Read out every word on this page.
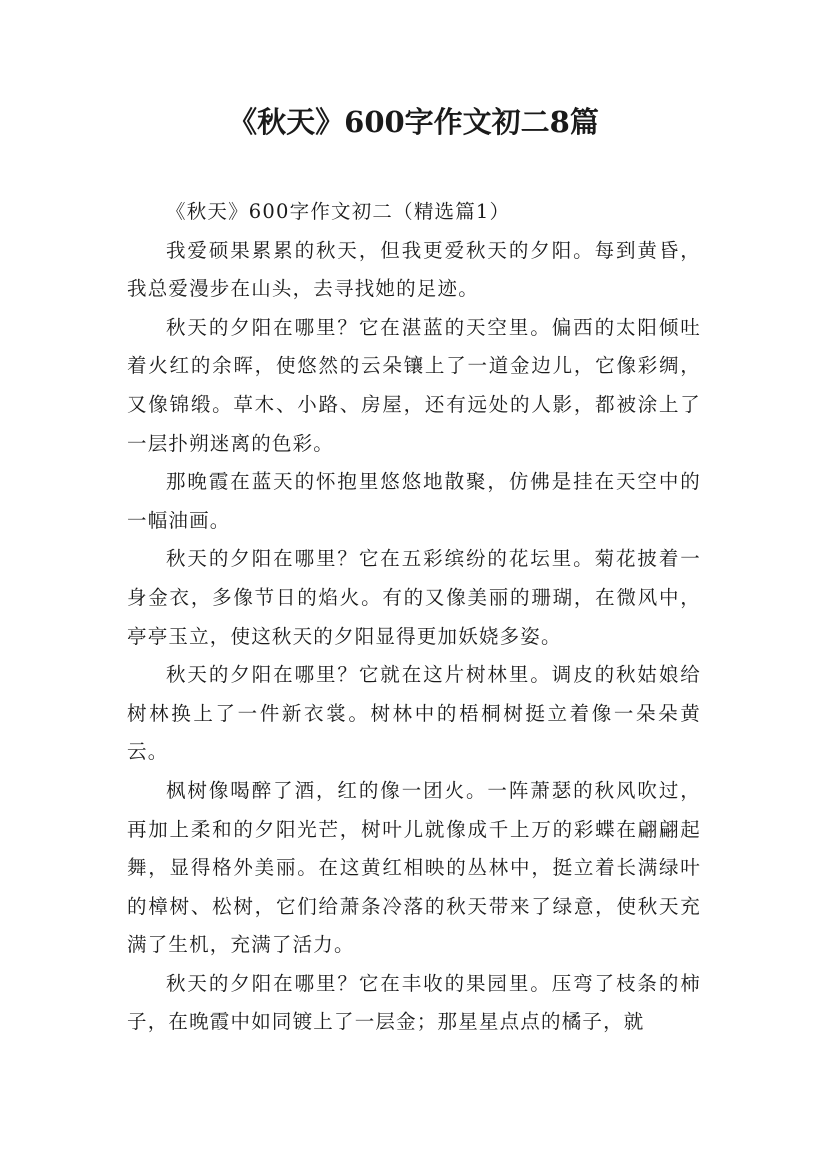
《秋天》600字作文初二8篇

《秋天》600字作文初二（精选篇1）

我爱硕果累累的秋天，但我更爱秋天的夕阳。每到黄昏，我总爱漫步在山头，去寻找她的足迹。

秋天的夕阳在哪里？它在湛蓝的天空里。偏西的太阳倾吐着火红的余晖，使悠然的云朵镶上了一道金边儿，它像彩绸，又像锦缎。草木、小路、房屋，还有远处的人影，都被涂上了一层扑朔迷离的色彩。

那晚霞在蓝天的怀抱里悠悠地散聚，仿佛是挂在天空中的一幅油画。

秋天的夕阳在哪里？它在五彩缤纷的花坛里。菊花披着一身金衣，多像节日的焰火。有的又像美丽的珊瑚，在微风中，亭亭玉立，使这秋天的夕阳显得更加妖娆多姿。

秋天的夕阳在哪里？它就在这片树林里。调皮的秋姑娘给树林换上了一件新衣裳。树林中的梧桐树挺立着像一朵朵黄云。

枫树像喝醉了酒，红的像一团火。一阵萧瑟的秋风吹过，再加上柔和的夕阳光芒，树叶儿就像成千上万的彩蝶在翩翩起舞，显得格外美丽。在这黄红相映的丛林中，挺立着长满绿叶的樟树、松树，它们给萧条冷落的秋天带来了绿意，使秋天充满了生机，充满了活力。

秋天的夕阳在哪里？它在丰收的果园里。压弯了枝条的柿子，在晚霞中如同镀上了一层金；那星星点点的橘子，就
